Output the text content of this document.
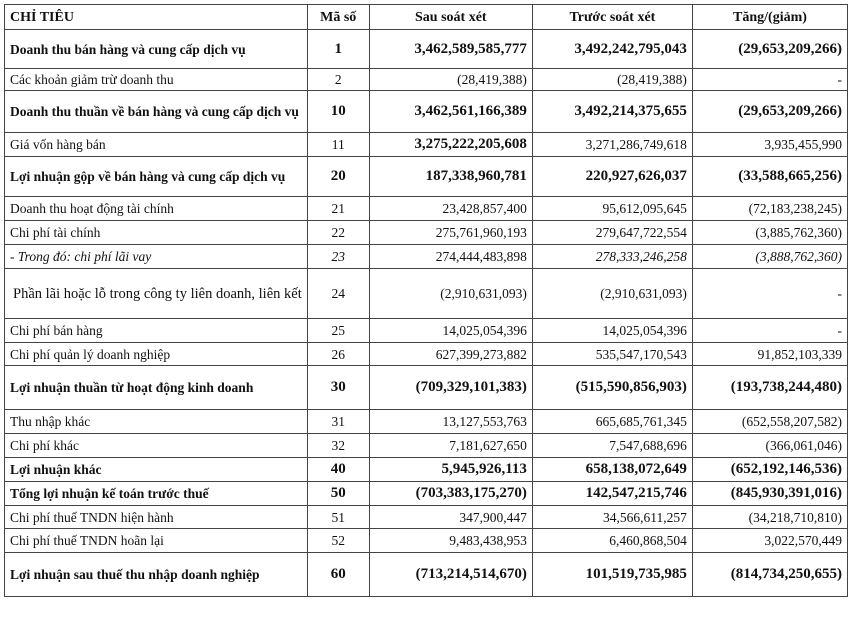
CHỈ TIÊU	Mã số	Sau soát xét	Trước soát xét	Tăng/(giảm)
Doanh thu bán hàng và cung cấp dịch vụ	1	3,462,589,585,777	3,492,242,795,043	(29,653,209,266)
Các khoản giảm trừ doanh thu	2	(28,419,388)	(28,419,388)	-
Doanh thu thuần về bán hàng và cung cấp dịch vụ	10	3,462,561,166,389	3,492,214,375,655	(29,653,209,266)
Giá vốn hàng bán	11	3,275,222,205,608	3,271,286,749,618	3,935,455,990
Lợi nhuận gộp về bán hàng và cung cấp dịch vụ	20	187,338,960,781	220,927,626,037	(33,588,665,256)
Doanh thu hoạt động tài chính	21	23,428,857,400	95,612,095,645	(72,183,238,245)
Chi phí tài chính	22	275,761,960,193	279,647,722,554	(3,885,762,360)
- Trong đó: chi phí lãi vay	23	274,444,483,898	278,333,246,258	(3,888,762,360)
Phần lãi hoặc lỗ trong công ty liên doanh, liên kết	24	(2,910,631,093)	(2,910,631,093)	-
Chi phí bán hàng	25	14,025,054,396	14,025,054,396	-
Chi phí quản lý doanh nghiệp	26	627,399,273,882	535,547,170,543	91,852,103,339
Lợi nhuận thuần từ hoạt động kinh doanh	30	(709,329,101,383)	(515,590,856,903)	(193,738,244,480)
Thu nhập khác	31	13,127,553,763	665,685,761,345	(652,558,207,582)
Chi phí khác	32	7,181,627,650	7,547,688,696	(366,061,046)
Lợi nhuận khác	40	5,945,926,113	658,138,072,649	(652,192,146,536)
Tổng lợi nhuận kế toán trước thuế	50	(703,383,175,270)	142,547,215,746	(845,930,391,016)
Chi phí thuế TNDN hiện hành	51	347,900,447	34,566,611,257	(34,218,710,810)
Chi phí thuế TNDN hoãn lại	52	9,483,438,953	6,460,868,504	3,022,570,449
Lợi nhuận sau thuế thu nhập doanh nghiệp	60	(713,214,514,670)	101,519,735,985	(814,734,250,655)
